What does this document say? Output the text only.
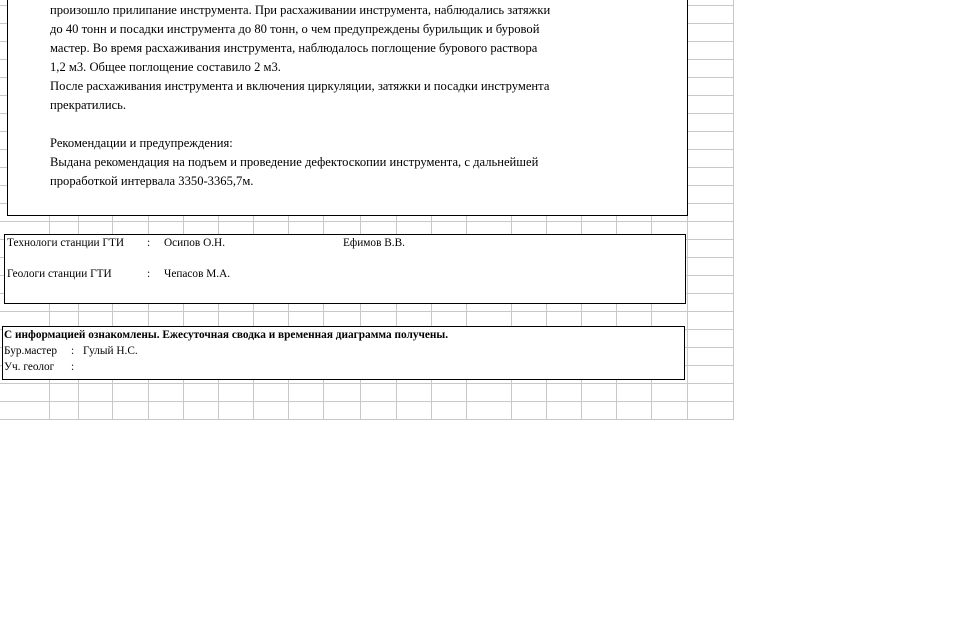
произошло прилипание инструмента. При расхаживании инструмента, наблюдались затяжки
до 40 тонн и посадки инструмента до 80 тонн, о чем предупреждены бурильщик и буровой
мастер. Во время расхаживания инструмента, наблюдалось поглощение бурового раствора
1,2 м3. Общее поглощение составило 2 м3.
После расхаживания инструмента и включения циркуляции, затяжки и посадки инструмента
прекратились.
Рекомендации и предупреждения:
Выдана рекомендация на подъем и проведение дефектоскопии инструмента, с дальнейшей
проработкой интервала 3350-3365,7м.
Технологи станции ГТИ : Осипов О.Н.	Ефимов В.В.
Геологи станции ГТИ	: Чепасов М.А.
С информацией ознакомлены. Ежесуточная сводка и временная диаграмма получены.
Бур.мастер : Гулый Н.С.
Уч. геолог :
